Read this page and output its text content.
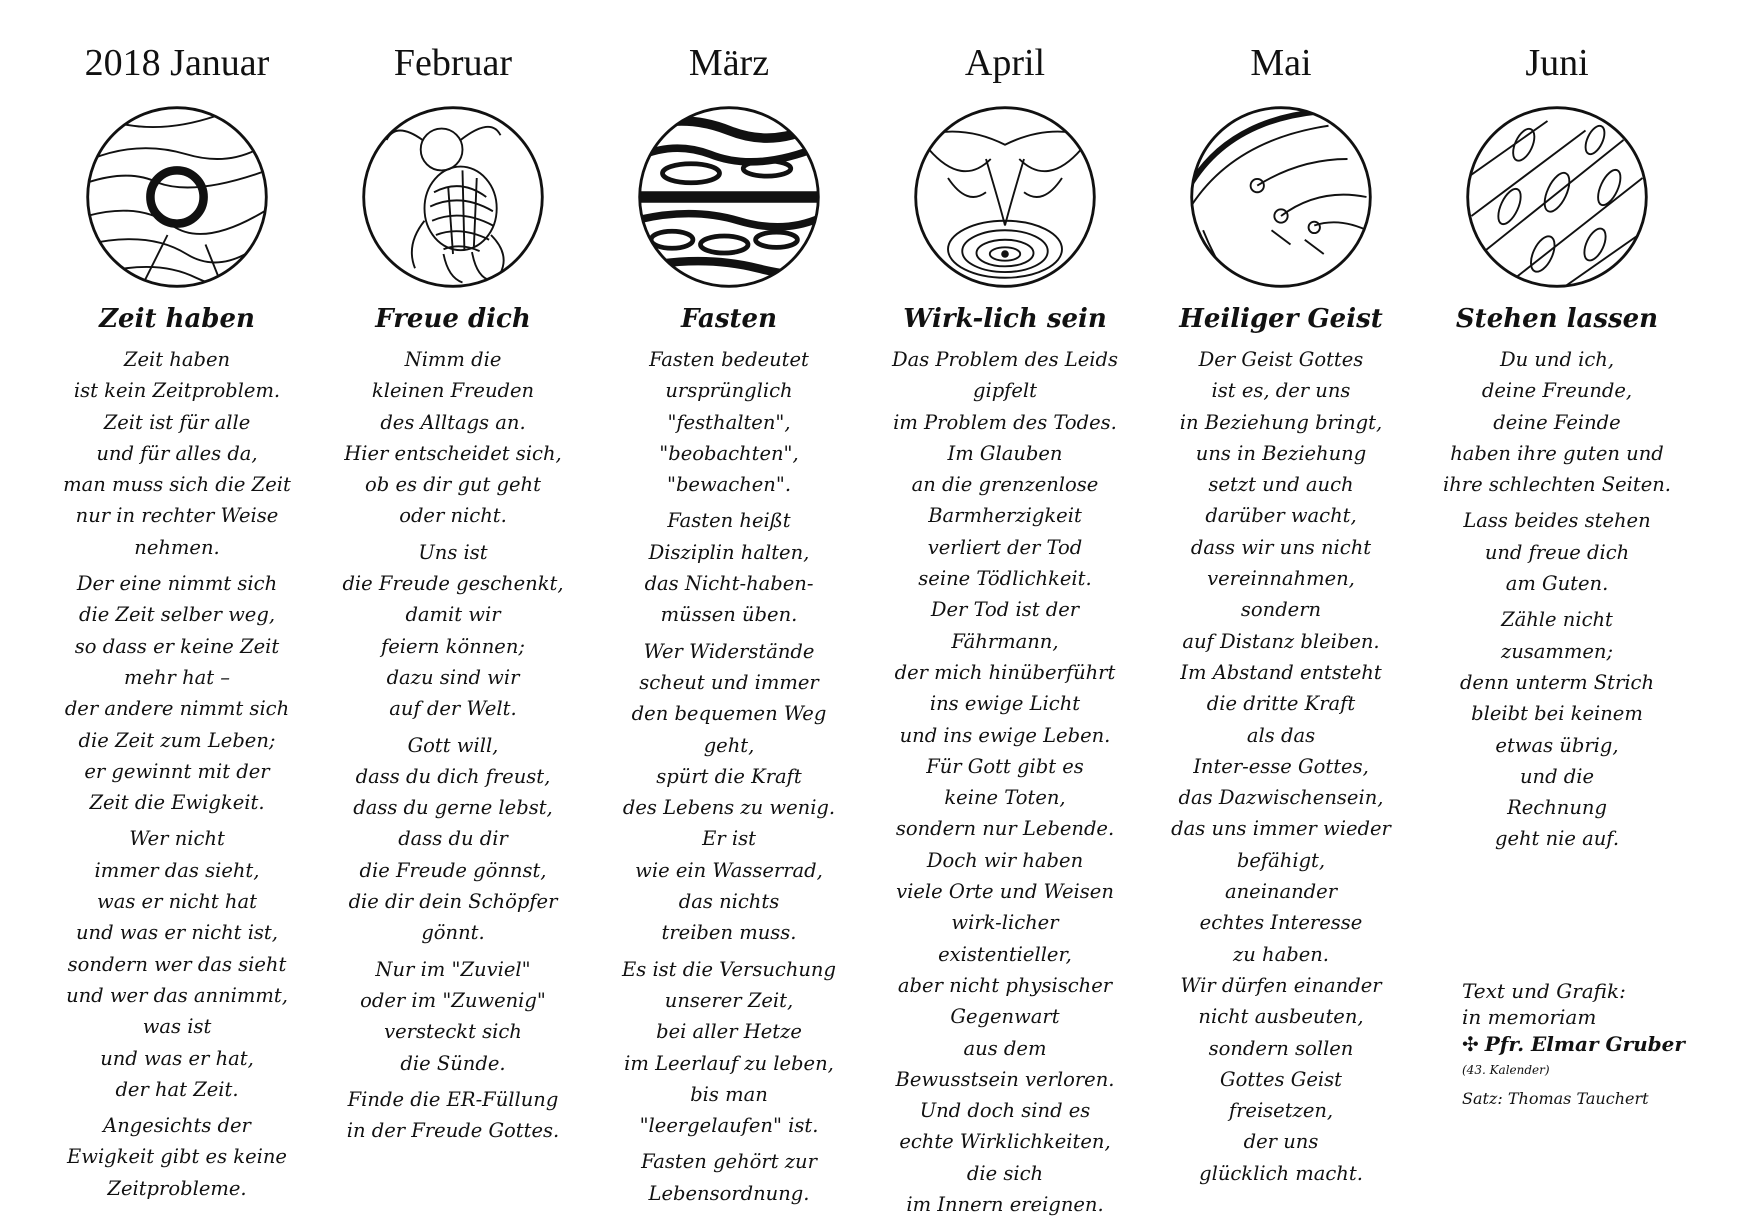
2018 Januar
Zeit haben
Zeit haben
ist kein Zeitproblem.
Zeit ist für alle
und für alles da,
man muss sich die Zeit
nur in rechter Weise
nehmen.
Der eine nimmt sich
die Zeit selber weg,
so dass er keine Zeit
mehr hat –
der andere nimmt sich
die Zeit zum Leben;
er gewinnt mit der
Zeit die Ewigkeit.
Wer nicht
immer das sieht,
was er nicht hat
und was er nicht ist,
sondern wer das sieht
und wer das annimmt,
was ist
und was er hat,
der hat Zeit.
Angesichts der
Ewigkeit gibt es keine
Zeitprobleme.
Februar
Freue dich
Nimm die
kleinen Freuden
des Alltags an.
Hier entscheidet sich,
ob es dir gut geht
oder nicht.
Uns ist
die Freude geschenkt,
damit wir
feiern können;
dazu sind wir
auf der Welt.
Gott will,
dass du dich freust,
dass du gerne lebst,
dass du dir
die Freude gönnst,
die dir dein Schöpfer
gönnt.
Nur im "Zuviel"
oder im "Zuwenig"
versteckt sich
die Sünde.
Finde die ER-Füllung
in der Freude Gottes.
März
Fasten
Fasten bedeutet
ursprünglich
"festhalten",
"beobachten",
"bewachen".
Fasten heißt
Disziplin halten,
das Nicht-haben-
müssen üben.
Wer Widerstände
scheut und immer
den bequemen Weg
geht,
spürt die Kraft
des Lebens zu wenig.
Er ist
wie ein Wasserrad,
das nichts
treiben muss.
Es ist die Versuchung
unserer Zeit,
bei aller Hetze
im Leerlauf zu leben,
bis man
"leergelaufen" ist.
Fasten gehört zur
Lebensordnung.
April
Wirk-lich sein
Das Problem des Leids
gipfelt
im Problem des Todes.
Im Glauben
an die grenzenlose
Barmherzigkeit
verliert der Tod
seine Tödlichkeit.
Der Tod ist der
Fährmann,
der mich hinüberführt
ins ewige Licht
und ins ewige Leben.
Für Gott gibt es
keine Toten,
sondern nur Lebende.
Doch wir haben
viele Orte und Weisen
wirk-licher
existentieller,
aber nicht physischer
Gegenwart
aus dem
Bewusstsein verloren.
Und doch sind es
echte Wirklichkeiten,
die sich
im Innern ereignen.
Mai
Heiliger Geist
Der Geist Gottes
ist es, der uns
in Beziehung bringt,
uns in Beziehung
setzt und auch
darüber wacht,
dass wir uns nicht
vereinnahmen,
sondern
auf Distanz bleiben.
Im Abstand entsteht
die dritte Kraft
als das
Inter-esse Gottes,
das Dazwischensein,
das uns immer wieder
befähigt,
aneinander
echtes Interesse
zu haben.
Wir dürfen einander
nicht ausbeuten,
sondern sollen
Gottes Geist
freisetzen,
der uns
glücklich macht.
Juni
Stehen lassen
Du und ich,
deine Freunde,
deine Feinde
haben ihre guten und
ihre schlechten Seiten.
Lass beides stehen
und freue dich
am Guten.
Zähle nicht
zusammen;
denn unterm Strich
bleibt bei keinem
etwas übrig,
und die
Rechnung
geht nie auf.
Text und Grafik:
in memoriam
✣ Pfr. Elmar Gruber
(43. Kalender)
Satz: Thomas Tauchert
